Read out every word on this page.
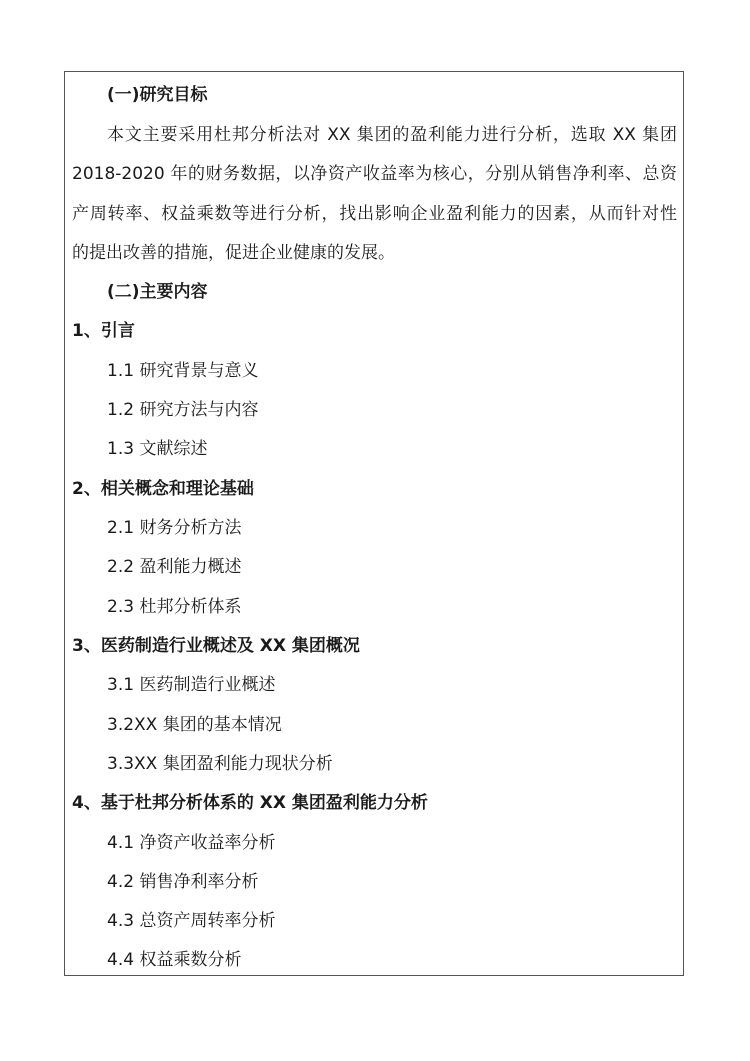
(一)研究目标
本文主要采用杜邦分析法对 XX 集团的盈利能力进行分析，选取 XX 集团
2018-2020 年的财务数据，以净资产收益率为核心，分别从销售净利率、总资
产周转率、权益乘数等进行分析，找出影响企业盈利能力的因素，从而针对性
的提出改善的措施，促进企业健康的发展。
(二)主要内容
1、引言
1.1 研究背景与意义
1.2 研究方法与内容
1.3 文献综述
2、相关概念和理论基础
2.1 财务分析方法
2.2 盈利能力概述
2.3 杜邦分析体系
3、医药制造行业概述及 XX 集团概况
3.1 医药制造行业概述
3.2XX 集团的基本情况
3.3XX 集团盈利能力现状分析
4、基于杜邦分析体系的 XX 集团盈利能力分析
4.1 净资产收益率分析
4.2 销售净利率分析
4.3 总资产周转率分析
4.4 权益乘数分析
